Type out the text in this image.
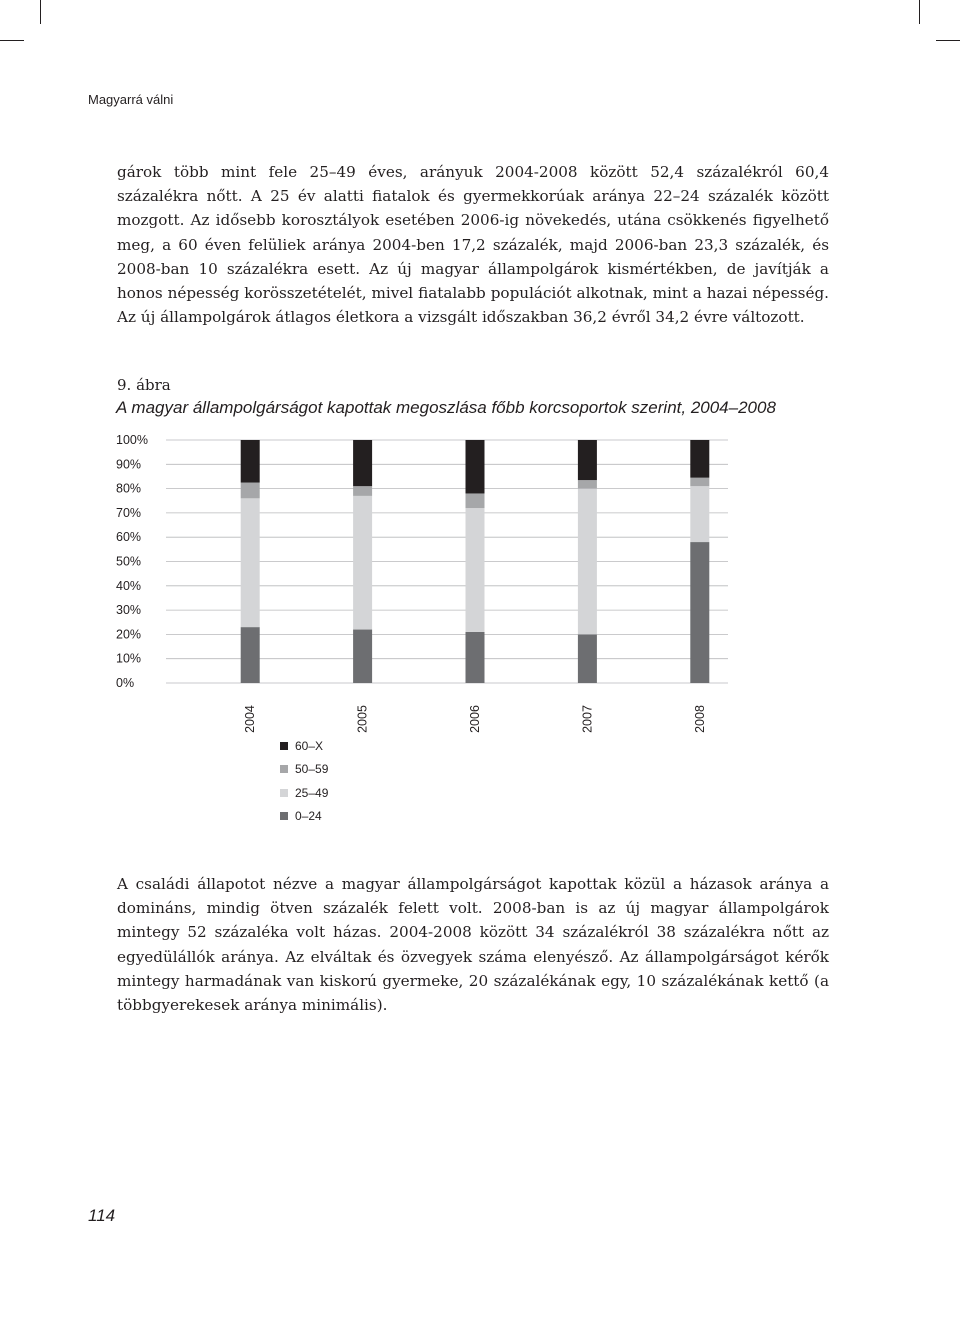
Magyarrá válni

gárok több mint fele 25–49 éves, arányuk 2004-2008 között 52,4 százalékról 60,4 százalékra nőtt. A 25 év alatti fiatalok és gyermekkorúak aránya 22–24 százalék között mozgott. Az idősebb korosztályok esetében 2006-ig növekedés, utána csökkenés figyelhető meg, a 60 éven felüliek aránya 2004-ben 17,2 százalék, majd 2006-ban 23,3 százalék, és 2008-ban 10 százalékra esett. Az új magyar állampolgárok kismértékben, de javítják a honos népesség korösszetételét, mivel fiatalabb populációt alkotnak, mint a hazai népesség. Az új állampolgárok átlagos életkora a vizsgált időszakban 36,2 évről 34,2 évre változott.

9. ábra
A magyar állampolgárságot kapottak megoszlása főbb korcsoportok szerint, 2004–2008
0%
10%
20%
30%
40%
50%
60%
70%
80%
90%
100%
2004	2005	2006	2007	2008
60–X
50–59
25–49
0–24

A családi állapotot nézve a magyar állampolgárságot kapottak közül a házasok aránya a domináns, mindig ötven százalék felett volt. 2008-ban is az új magyar állampolgárok mintegy 52 százaléka volt házas. 2004-2008 között 34 százalékról 38 százalékra nőtt az egyedülállók aránya. Az elváltak és özvegyek száma elenyésző. Az állampolgárságot kérők mintegy harmadának van kiskorú gyermeke, 20 százalékának egy, 10 százalékának kettő (a többgyerekesek aránya minimális).

114
